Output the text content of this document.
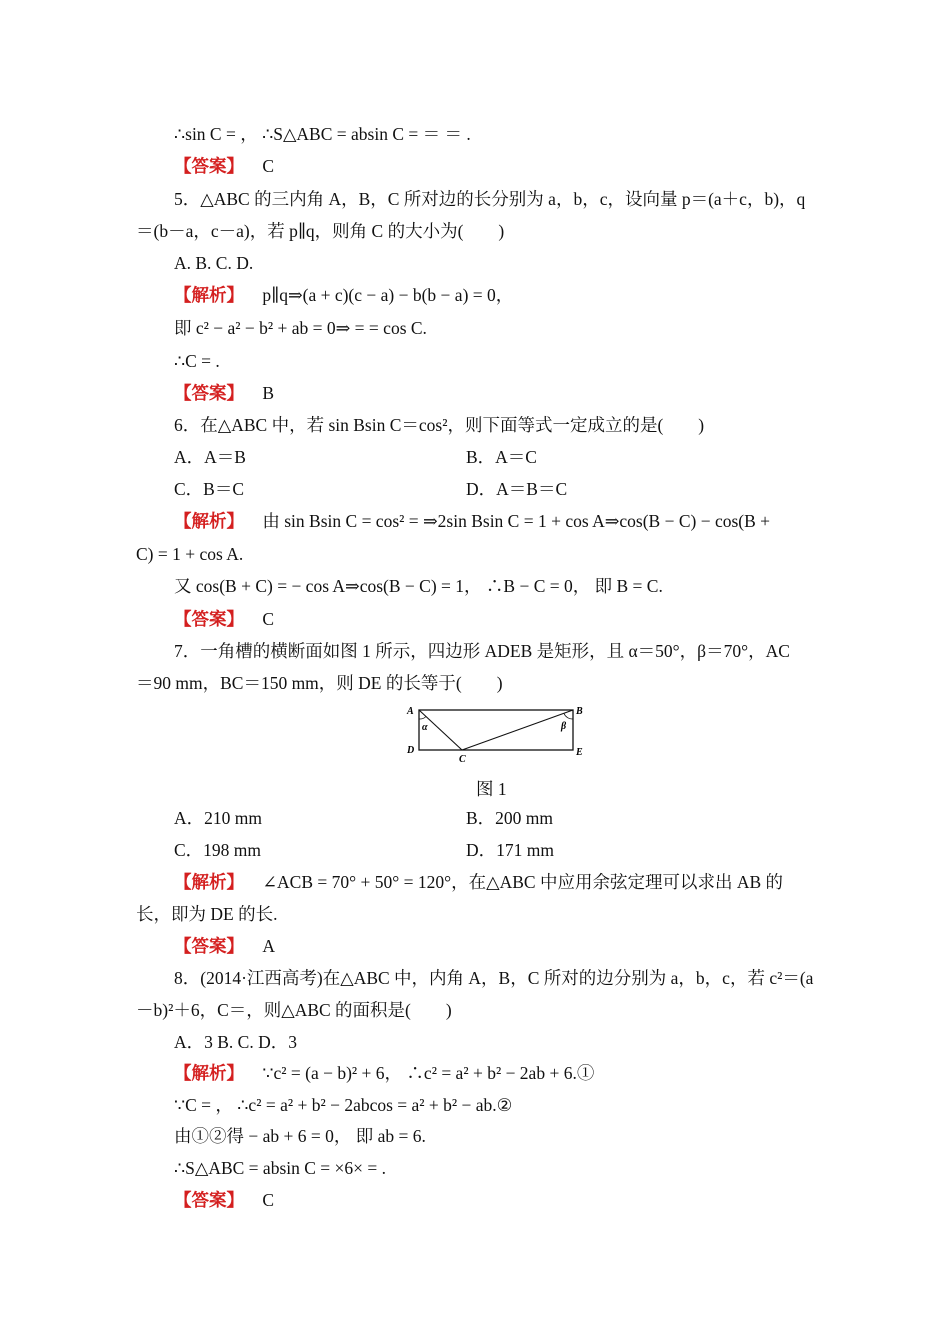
∴sin C = ， ∴S△ABC = absin C = ＝ ＝ .
【答案】 C
5．△ABC 的三内角 A，B，C 所对边的长分别为 a，b，c，设向量 p＝(a＋c，b)，q
＝(b－a，c－a)，若 p∥q，则角 C 的大小为(　　)
A. B. C. D.
【解析】 p∥q⇒(a + c)(c − a) − b(b − a) = 0，
即 c² − a² − b² + ab = 0⇒ = = cos C.
∴C = .
【答案】 B
6．在△ABC 中，若 sin Bsin C＝cos²，则下面等式一定成立的是(　　)
A．A＝B	B．A＝C
C．B＝C	D．A＝B＝C
【解析】 由 sin Bsin C = cos² = ⇒2sin Bsin C = 1 + cos A⇒cos(B − C) − cos(B +
C) = 1 + cos A.
又 cos(B + C) = − cos A⇒cos(B − C) = 1， ∴B − C = 0， 即 B = C.
【答案】 C
7．一角槽的横断面如图 1 所示，四边形 ADEB 是矩形，且 α＝50°，β＝70°，AC
＝90 mm，BC＝150 mm，则 DE 的长等于(　　)
A	B
D	E
C
α	β
图 1
A．210 mm	B．200 mm
C．198 mm	D．171 mm
【解析】 ∠ACB = 70° + 50° = 120°，在△ABC 中应用余弦定理可以求出 AB 的
长，即为 DE 的长.
【答案】 A
8．(2014·江西高考)在△ABC 中，内角 A，B，C 所对的边分别为 a，b，c，若 c²＝(a
－b)²＋6，C＝，则△ABC 的面积是(　　)
A．3 B. C. D．3
【解析】 ∵c² = (a − b)² + 6， ∴c² = a² + b² − 2ab + 6.①
∵C = ， ∴c² = a² + b² − 2abcos = a² + b² − ab.②
由①②得 − ab + 6 = 0， 即 ab = 6.
∴S△ABC = absin C = ×6× = .
【答案】 C
